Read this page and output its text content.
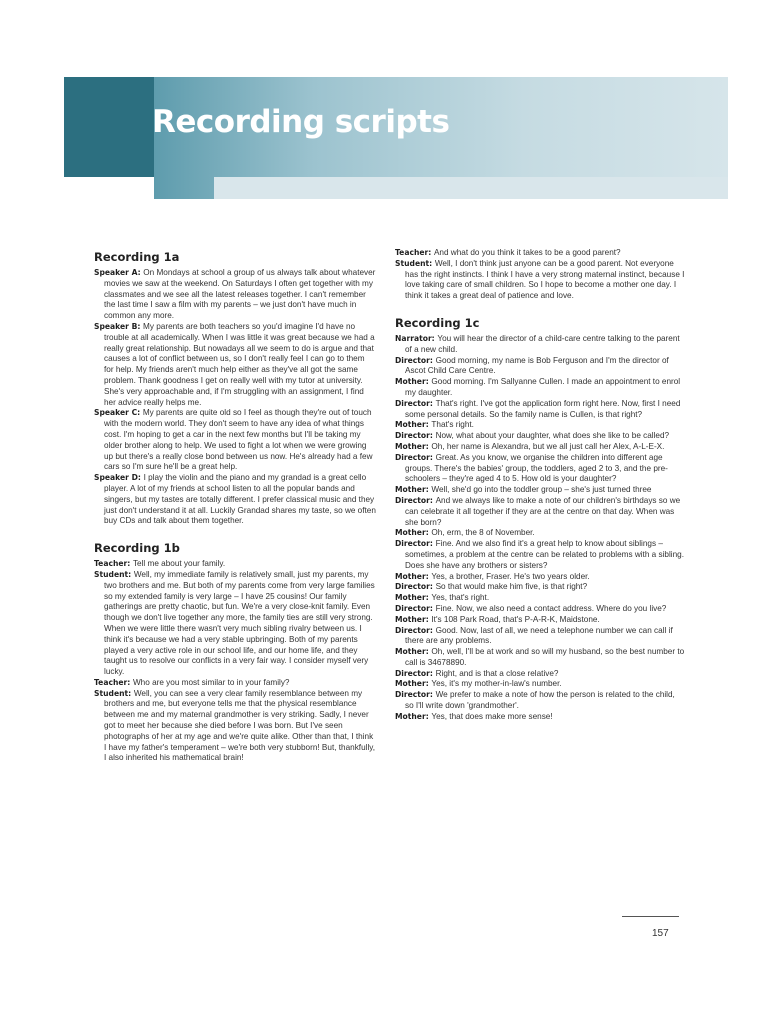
Recording scripts
Recording 1a

Speaker A: On Mondays at school a group of us always talk about whatever movies we saw at the weekend. On Saturdays I often get together with my classmates and we see all the latest releases together. I can't remember the last time I saw a film with my parents – we just don't have much in common any more.

Speaker B: My parents are both teachers so you'd imagine I'd have no trouble at all academically. When I was little it was great because we had a really great relationship. But nowadays all we seem to do is argue and that causes a lot of conflict between us, so I don't really feel I can go to them for help. My friends aren't much help either as they've all got the same problem. Thank goodness I get on really well with my tutor at university. She's very approachable and, if I'm struggling with an assignment, I find her advice really helps me.

Speaker C: My parents are quite old so I feel as though they're out of touch with the modern world. They don't seem to have any idea of what things cost. I'm hoping to get a car in the next few months but I'll be taking my older brother along to help. We used to fight a lot when we were growing up but there's a really close bond between us now. He's already had a few cars so I'm sure he'll be a great help.

Speaker D: I play the violin and the piano and my grandad is a great cello player. A lot of my friends at school listen to all the popular bands and singers, but my tastes are totally different. I prefer classical music and they just don't understand it at all. Luckily Grandad shares my taste, so we often buy CDs and talk about them together.

Recording 1b

Teacher: Tell me about your family.

Student: Well, my immediate family is relatively small, just my parents, my two brothers and me. But both of my parents come from very large families so my extended family is very large – I have 25 cousins! Our family gatherings are pretty chaotic, but fun. We're a very close-knit family. Even though we don't live together any more, the family ties are still very strong. When we were little there wasn't very much sibling rivalry between us. I think it's because we had a very stable upbringing. Both of my parents played a very active role in our school life, and our home life, and they taught us to resolve our conflicts in a very fair way. I consider myself very lucky.

Teacher: Who are you most similar to in your family?

Student: Well, you can see a very clear family resemblance between my brothers and me, but everyone tells me that the physical resemblance between me and my maternal grandmother is very striking. Sadly, I never got to meet her because she died before I was born. But I've seen photographs of her at my age and we're quite alike. Other than that, I think I have my father's temperament – we're both very stubborn! But, thankfully, I also inherited his mathematical brain!

Teacher: And what do you think it takes to be a good parent?

Student: Well, I don't think just anyone can be a good parent. Not everyone has the right instincts. I think I have a very strong maternal instinct, because I love taking care of small children. So I hope to become a mother one day. I think it takes a great deal of patience and love.

Recording 1c

Narrator: You will hear the director of a child-care centre talking to the parent of a new child.

Director: Good morning, my name is Bob Ferguson and I'm the director of Ascot Child Care Centre.

Mother: Good morning. I'm Sallyanne Cullen. I made an appointment to enrol my daughter.

Director: That's right. I've got the application form right here. Now, first I need some personal details. So the family name is Cullen, is that right?

Mother: That's right.

Director: Now, what about your daughter, what does she like to be called?

Mother: Oh, her name is Alexandra, but we all just call her Alex, A-L-E-X.

Director: Great. As you know, we organise the children into different age groups. There's the babies' group, the toddlers, aged 2 to 3, and the pre-schoolers – they're aged 4 to 5. How old is your daughter?

Mother: Well, she'd go into the toddler group – she's just turned three

Director: And we always like to make a note of our children's birthdays so we can celebrate it all together if they are at the centre on that day. When was she born?

Mother: Oh, erm, the 8 of November.

Director: Fine. And we also find it's a great help to know about siblings – sometimes, a problem at the centre can be related to problems with a sibling. Does she have any brothers or sisters?

Mother: Yes, a brother, Fraser. He's two years older.

Director: So that would make him five, is that right?

Mother: Yes, that's right.

Director: Fine. Now, we also need a contact address. Where do you live?

Mother: It's 108 Park Road, that's P-A-R-K, Maidstone.

Director: Good. Now, last of all, we need a telephone number we can call if there are any problems.

Mother: Oh, well, I'll be at work and so will my husband, so the best number to call is 34678890.

Director: Right, and is that a close relative?

Mother: Yes, it's my mother-in-law's number.

Director: We prefer to make a note of how the person is related to the child, so I'll write down 'grandmother'.

Mother: Yes, that does make more sense!

157
